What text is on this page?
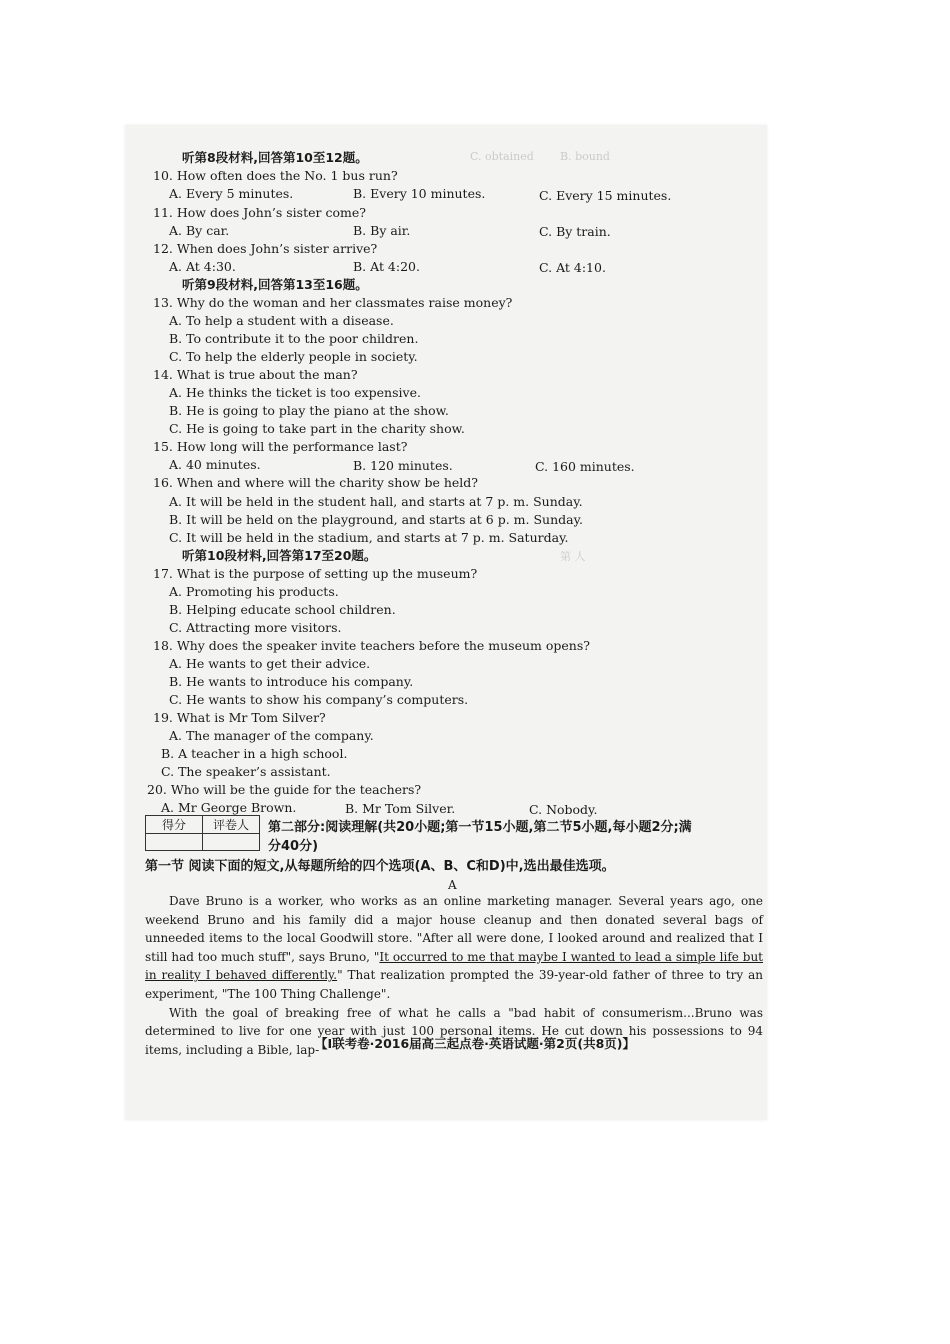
B. bound
C. obtained
第 人
听第8段材料,回答第10至12题。
10. How often does the No. 1 bus run?
A. Every 5 minutes.	B. Every 10 minutes.	C. Every 15 minutes.
11. How does John’s sister come?
A. By car.	B. By air.	C. By train.
12. When does John’s sister arrive?
A. At 4:30.	B. At 4:20.	C. At 4:10.
听第9段材料,回答第13至16题。
13. Why do the woman and her classmates raise money?
A. To help a student with a disease.
B. To contribute it to the poor children.
C. To help the elderly people in society.
14. What is true about the man?
A. He thinks the ticket is too expensive.
B. He is going to play the piano at the show.
C. He is going to take part in the charity show.
15. How long will the performance last?
A. 40 minutes.	B. 120 minutes.	C. 160 minutes.
16. When and where will the charity show be held?
A. It will be held in the student hall, and starts at 7 p. m. Sunday.
B. It will be held on the playground, and starts at 6 p. m. Sunday.
C. It will be held in the stadium, and starts at 7 p. m. Saturday.
听第10段材料,回答第17至20题。
17. What is the purpose of setting up the museum?
A. Promoting his products.
B. Helping educate school children.
C. Attracting more visitors.
18. Why does the speaker invite teachers before the museum opens?
A. He wants to get their advice.
B. He wants to introduce his company.
C. He wants to show his company’s computers.
19. What is Mr Tom Silver?
A. The manager of the company.
B. A teacher in a high school.
C. The speaker’s assistant.
20. Who will be the guide for the teachers?
A. Mr George Brown.	B. Mr Tom Silver.	C. Nobody.
得分	评卷人
	第二部分:阅读理解(共20小题;第一节15小题,第二节5小题,每小题2分;满
分40分)
第一节 阅读下面的短文,从每题所给的四个选项(A、B、C和D)中,选出最佳选项。
A

Dave Bruno is a worker, who works as an online marketing manager. Several years ago, one weekend Bruno and his family did a major house cleanup and then donated several bags of unneeded items to the local Goodwill store. "After all were done, I looked around and realized that I still had too much stuff", says Bruno, "It occurred to me that maybe I wanted to lead a simple life but in reality I behaved differently." That realization prompted the 39-year-old father of three to try an experiment, "The 100 Thing Challenge".

With the goal of breaking free of what he calls a "bad habit of consumerism...Bruno was determined to live for one year with just 100 personal items. He cut down his possessions to 94 items, including a Bible, lap-

【Ⅰ联考卷·2016届高三起点卷·英语试题·第2页(共8页)】
